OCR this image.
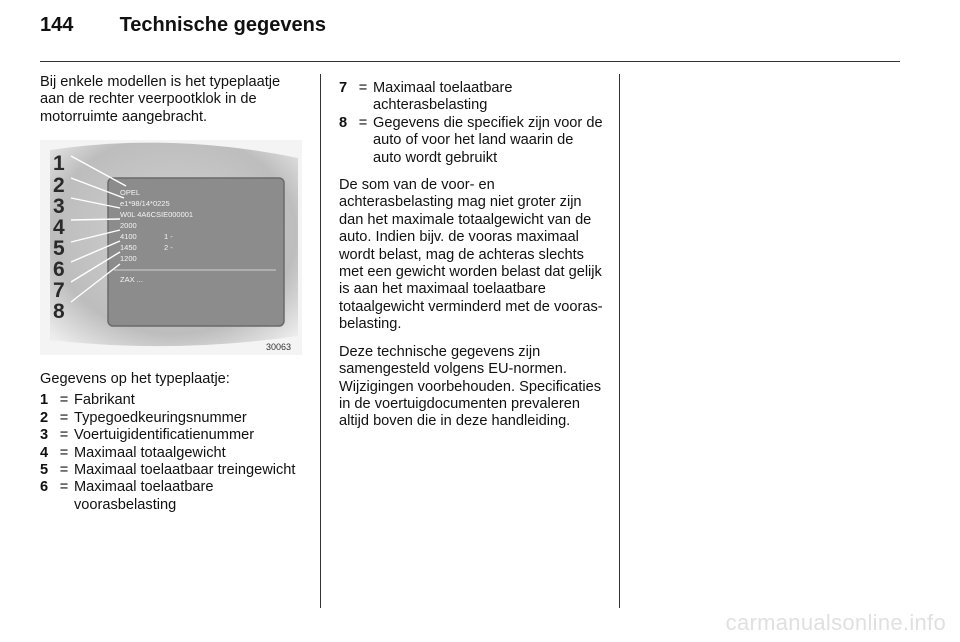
144 Technische gegevens

Bij enkele modellen is het typeplaatje aan de rechter veerpootklok in de motorruimte aangebracht.

1
2
3
4
5
6
7
8
OPEL
e1*98/14*0225
W0L 4A6CSIE000001
2000
4100
1450
1200
1 -
2 -
ZAX ...
30063

Gegevens op het typeplaatje:

1 = Fabrikant
2 = Typegoedkeuringsnummer
3 = Voertuigidentificatienummer
4 = Maximaal totaalgewicht
5 = Maximaal toelaatbaar treingewicht
6 = Maximaal toelaatbare voorasbelasting
7 = Maximaal toelaatbare achterasbelasting
8 = Gegevens die specifiek zijn voor de auto of voor het land waarin de auto wordt gebruikt

De som van de voor- en achterasbelasting mag niet groter zijn dan het maximale totaalgewicht van de auto. Indien bijv. de vooras maximaal wordt belast, mag de achteras slechts met een gewicht worden belast dat gelijk is aan het maximaal toelaatbare totaalgewicht verminderd met de vooras- belasting.

Deze technische gegevens zijn samengesteld volgens EU-normen. Wijzigingen voorbehouden. Specificaties in de voertuigdocumenten prevaleren altijd boven die in deze handleiding.

carmanualsonline.info
